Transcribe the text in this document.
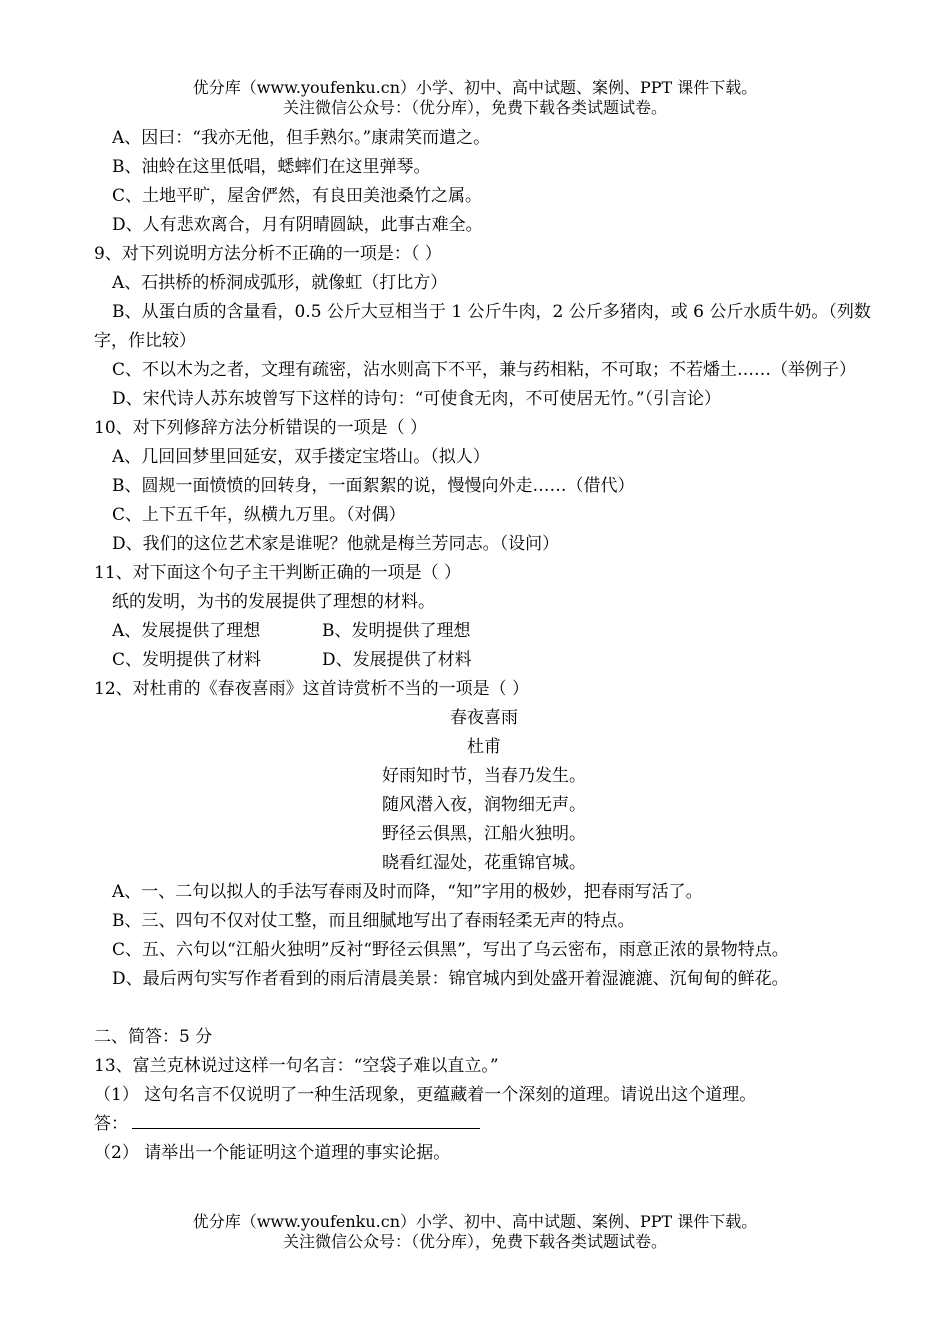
优分库（www.youfenku.cn）小学、初中、高中试题、案例、PPT 课件下载。
关注微信公众号：（优分库），免费下载各类试题试卷。

A、因曰：“我亦无他，但手熟尔。”康肃笑而遣之。

B、油蛉在这里低唱，蟋蟀们在这里弹琴。

C、土地平旷，屋舍俨然，有良田美池桑竹之属。

D、人有悲欢离合，月有阴晴圆缺，此事古难全。

9、对下列说明方法分析不正确的一项是：（ ）

A、石拱桥的桥洞成弧形，就像虹（打比方）

B、从蛋白质的含量看，0.5 公斤大豆相当于 1 公斤牛肉，2 公斤多猪肉，或 6 公斤水质牛奶。（列数字，作比较）

C、不以木为之者，文理有疏密，沾水则高下不平，兼与药相粘，不可取；不若燔土……（举例子）

D、宋代诗人苏东坡曾写下这样的诗句：“可使食无肉，不可使居无竹。”（引言论）

10、对下列修辞方法分析错误的一项是（ ）

A、几回回梦里回延安，双手搂定宝塔山。（拟人）

B、圆规一面愤愤的回转身，一面絮絮的说，慢慢向外走……（借代）

C、上下五千年，纵横九万里。（对偶）

D、我们的这位艺术家是谁呢？他就是梅兰芳同志。（设问）

11、对下面这个句子主干判断正确的一项是（ ）

纸的发明，为书的发展提供了理想的材料。

A、发展提供了理想	B、发明提供了理想

C、发明提供了材料	D、发展提供了材料

12、对杜甫的《春夜喜雨》这首诗赏析不当的一项是（ ）

春夜喜雨

杜甫

好雨知时节，当春乃发生。

随风潜入夜，润物细无声。

野径云俱黑，江船火独明。

晓看红湿处，花重锦官城。

A、一、二句以拟人的手法写春雨及时而降，“知”字用的极妙，把春雨写活了。

B、三、四句不仅对仗工整，而且细腻地写出了春雨轻柔无声的特点。

C、五、六句以“江船火独明”反衬“野径云俱黑”，写出了乌云密布，雨意正浓的景物特点。

D、最后两句实写作者看到的雨后清晨美景：锦官城内到处盛开着湿漉漉、沉甸甸的鲜花。

二、简答：5 分

13、富兰克林说过这样一句名言：“空袋子难以直立。”

（1） 这句名言不仅说明了一种生活现象，更蕴藏着一个深刻的道理。请说出这个道理。

答：

（2） 请举出一个能证明这个道理的事实论据。

优分库（www.youfenku.cn）小学、初中、高中试题、案例、PPT 课件下载。
关注微信公众号：（优分库），免费下载各类试题试卷。
